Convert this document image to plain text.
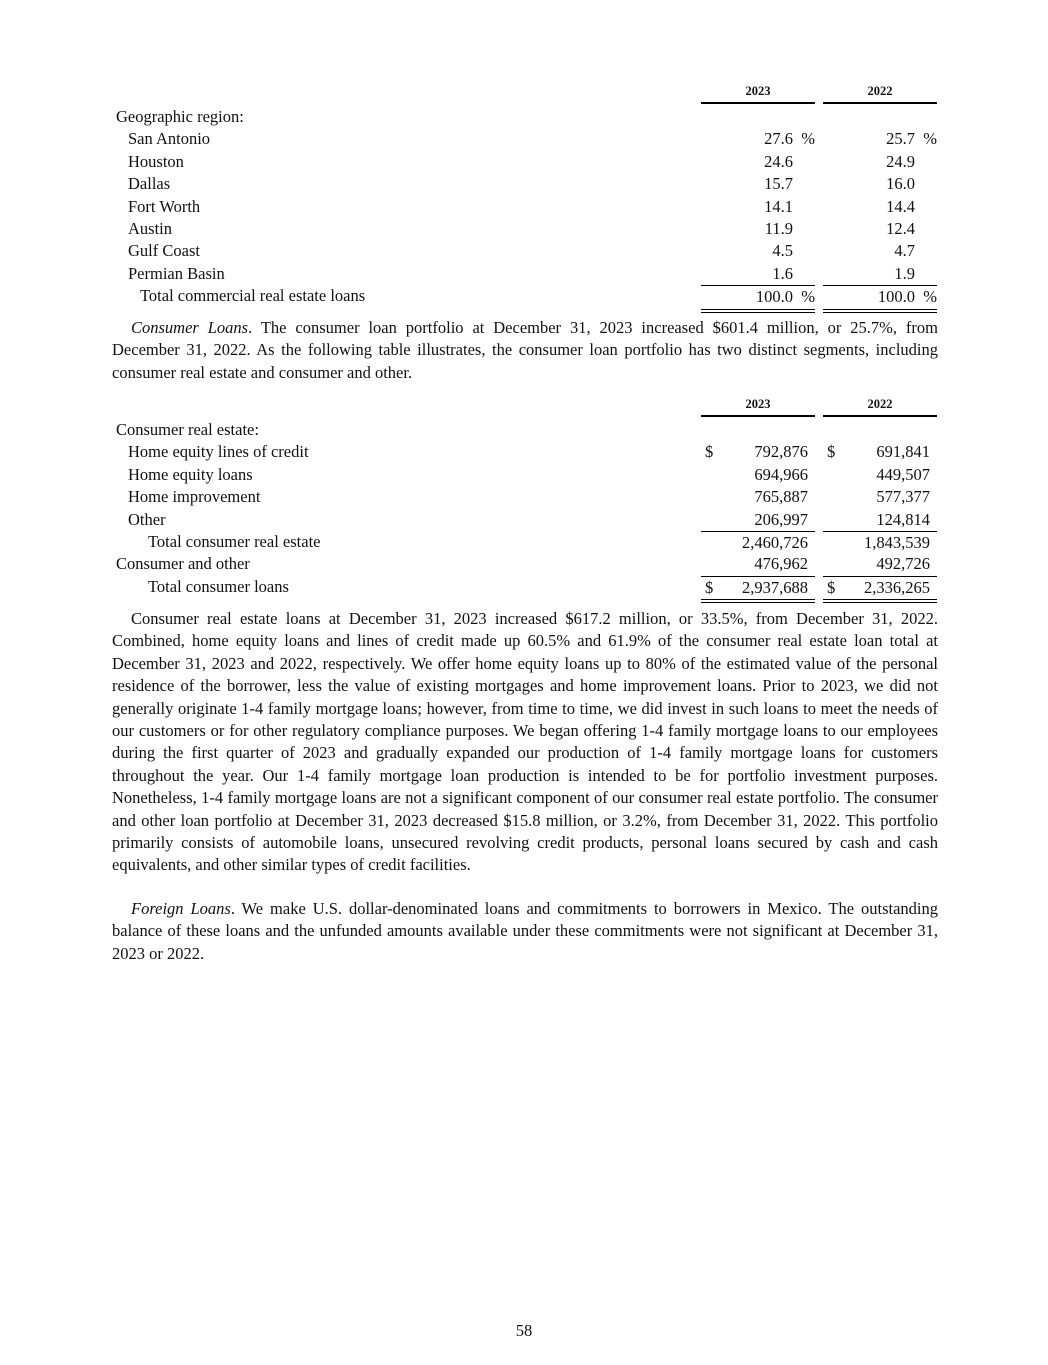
2023	2022
Geographic region:
San Antonio	27.6 %	25.7 %
Houston	24.6	24.9
Dallas	15.7	16.0
Fort Worth	14.1	14.4
Austin	11.9	12.4
Gulf Coast	4.5	4.7
Permian Basin	1.6	1.9
Total commercial real estate loans	100.0 %	100.0 %

Consumer Loans. The consumer loan portfolio at December 31, 2023 increased $601.4 million, or 25.7%, from December 31, 2022. As the following table illustrates, the consumer loan portfolio has two distinct segments, including consumer real estate and consumer and other.

2023	2022
Consumer real estate:
Home equity lines of credit	$ 792,876 $ 691,841
Home equity loans	694,966	449,507
Home improvement	765,887	577,377
Other	206,997	124,814
Total consumer real estate	2,460,726	1,843,539
Consumer and other	476,962	492,726
Total consumer loans	$ 2,937,688 $ 2,336,265

Consumer real estate loans at December 31, 2023 increased $617.2 million, or 33.5%, from December 31, 2022. Combined, home equity loans and lines of credit made up 60.5% and 61.9% of the consumer real estate loan total at December 31, 2023 and 2022, respectively. We offer home equity loans up to 80% of the estimated value of the personal residence of the borrower, less the value of existing mortgages and home improvement loans. Prior to 2023, we did not generally originate 1-4 family mortgage loans; however, from time to time, we did invest in such loans to meet the needs of our customers or for other regulatory compliance purposes. We began offering 1-4 family mortgage loans to our employees during the first quarter of 2023 and gradually expanded our production of 1-4 family mortgage loans for customers throughout the year. Our 1-4 family mortgage loan production is intended to be for portfolio investment purposes. Nonetheless, 1-4 family mortgage loans are not a significant component of our consumer real estate portfolio. The consumer and other loan portfolio at December 31, 2023 decreased $15.8 million, or 3.2%, from December 31, 2022. This portfolio primarily consists of automobile loans, unsecured revolving credit products, personal loans secured by cash and cash equivalents, and other similar types of credit facilities.

Foreign Loans. We make U.S. dollar-denominated loans and commitments to borrowers in Mexico. The outstanding balance of these loans and the unfunded amounts available under these commitments were not significant at December 31, 2023 or 2022.

58
